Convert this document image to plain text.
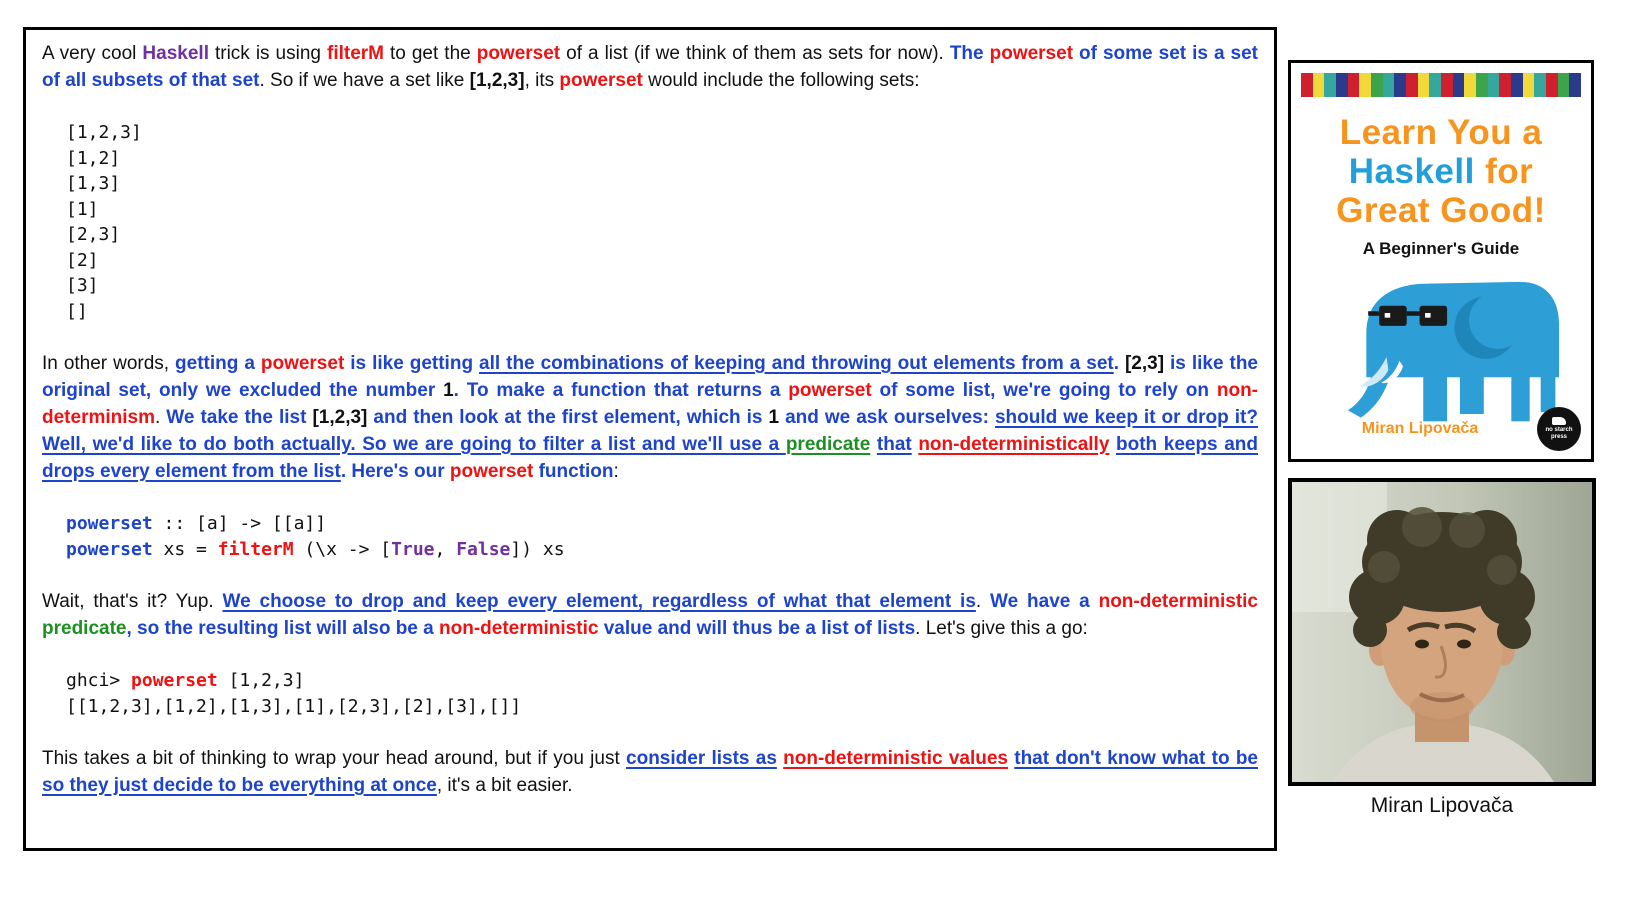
A very cool Haskell trick is using filterM to get the powerset of a list (if we think of them as sets for now). The powerset of some set is a set of all subsets of that set. So if we have a set like [1,2,3], its powerset would include the following sets:
[1,2,3]
[1,2]
[1,3]
[1]
[2,3]
[2]
[3]
[]
In other words, getting a powerset is like getting all the combinations of keeping and throwing out elements from a set. [2,3] is like the original set, only we excluded the number 1. To make a function that returns a powerset of some list, we're going to rely on non-determinism. We take the list [1,2,3] and then look at the first element, which is 1 and we ask ourselves: should we keep it or drop it? Well, we'd like to do both actually. So we are going to filter a list and we'll use a predicate that non-deterministically both keeps and drops every element from the list. Here's our powerset function:
powerset :: [a] -> [[a]]
powerset xs = filterM (\x -> [True, False]) xs
Wait, that's it? Yup. We choose to drop and keep every element, regardless of what that element is. We have a non-deterministic predicate, so the resulting list will also be a non-deterministic value and will thus be a list of lists. Let's give this a go:
ghci> powerset [1,2,3]
[[1,2,3],[1,2],[1,3],[1],[2,3],[2],[3],[]]
This takes a bit of thinking to wrap your head around, but if you just consider lists as non-deterministic values that don't know what to be so they just decide to be everything at once, it's a bit easier.
Learn You a
Haskell for
Great Good!
A Beginner's Guide
Miran Lipovača	no starch press
Miran Lipovača
